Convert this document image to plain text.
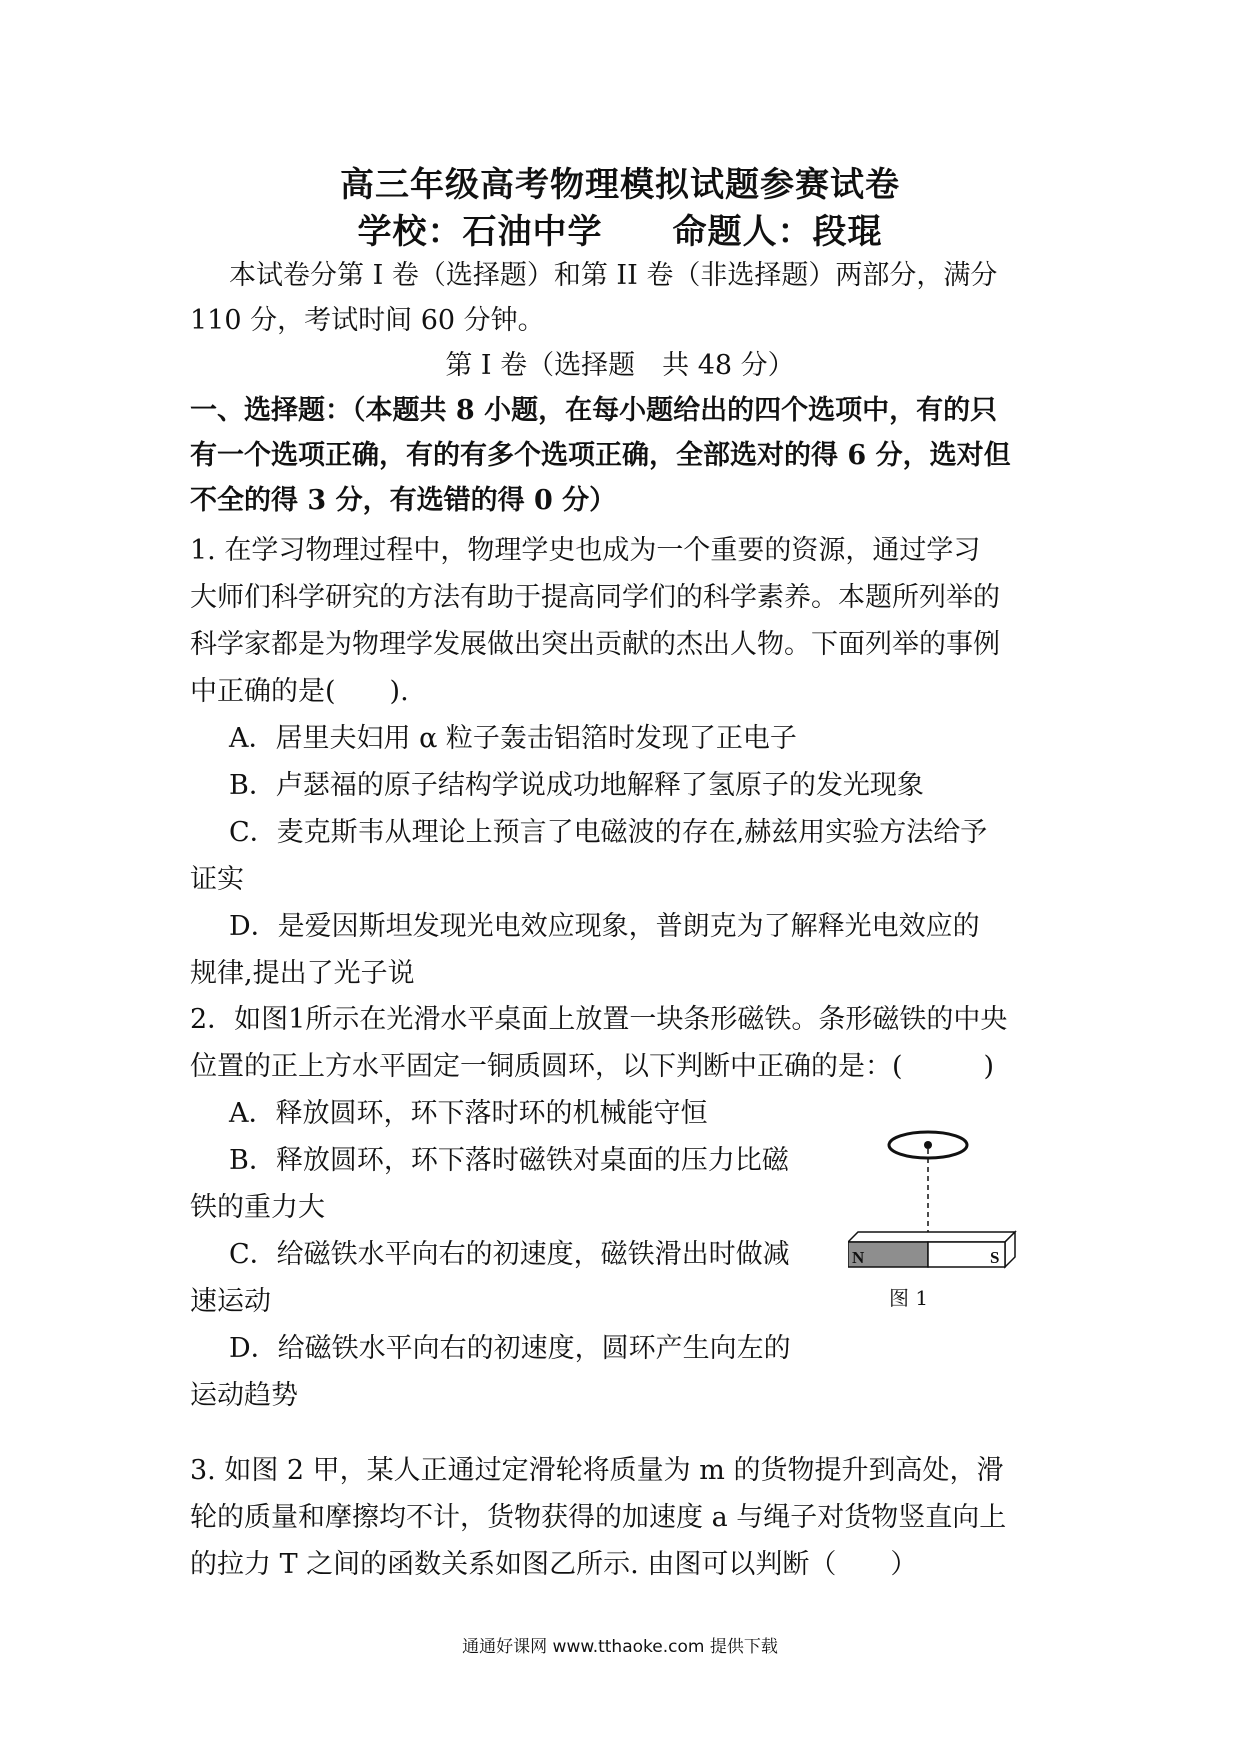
高三年级高考物理模拟试题参赛试卷
学校：石油中学　　命题人：段琨
本试卷分第 I 卷（选择题）和第 II 卷（非选择题）两部分，满分
110 分，考试时间 60 分钟。
第 I 卷（选择题　共 48 分）
一、选择题：（本题共 8 小题，在每小题给出的四个选项中，有的只
有一个选项正确，有的有多个选项正确，全部选对的得 6 分，选对但
不全的得 3 分，有选错的得 0 分）
1. 在学习物理过程中，物理学史也成为一个重要的资源，通过学习
大师们科学研究的方法有助于提高同学们的科学素养。本题所列举的
科学家都是为物理学发展做出突出贡献的杰出人物。下面列举的事例
中正确的是(　　).
A．居里夫妇用 α 粒子轰击铝箔时发现了正电子
B．卢瑟福的原子结构学说成功地解释了氢原子的发光现象
C．麦克斯韦从理论上预言了电磁波的存在,赫兹用实验方法给予
证实
D．是爱因斯坦发现光电效应现象，普朗克为了解释光电效应的
规律,提出了光子说
2．如图1所示在光滑水平桌面上放置一块条形磁铁。条形磁铁的中央
位置的正上方水平固定一铜质圆环，以下判断中正确的是：(　　　)
A．释放圆环，环下落时环的机械能守恒
B．释放圆环，环下落时磁铁对桌面的压力比磁
铁的重力大
C．给磁铁水平向右的初速度，磁铁滑出时做减
速运动
D．给磁铁水平向右的初速度，圆环产生向左的
运动趋势
N	S
图 1
3. 如图 2 甲，某人正通过定滑轮将质量为 m 的货物提升到高处，滑
轮的质量和摩擦均不计，货物获得的加速度 a 与绳子对货物竖直向上
的拉力 T 之间的函数关系如图乙所示. 由图可以判断（　　）
通通好课网 www.tthaoke.com 提供下载
